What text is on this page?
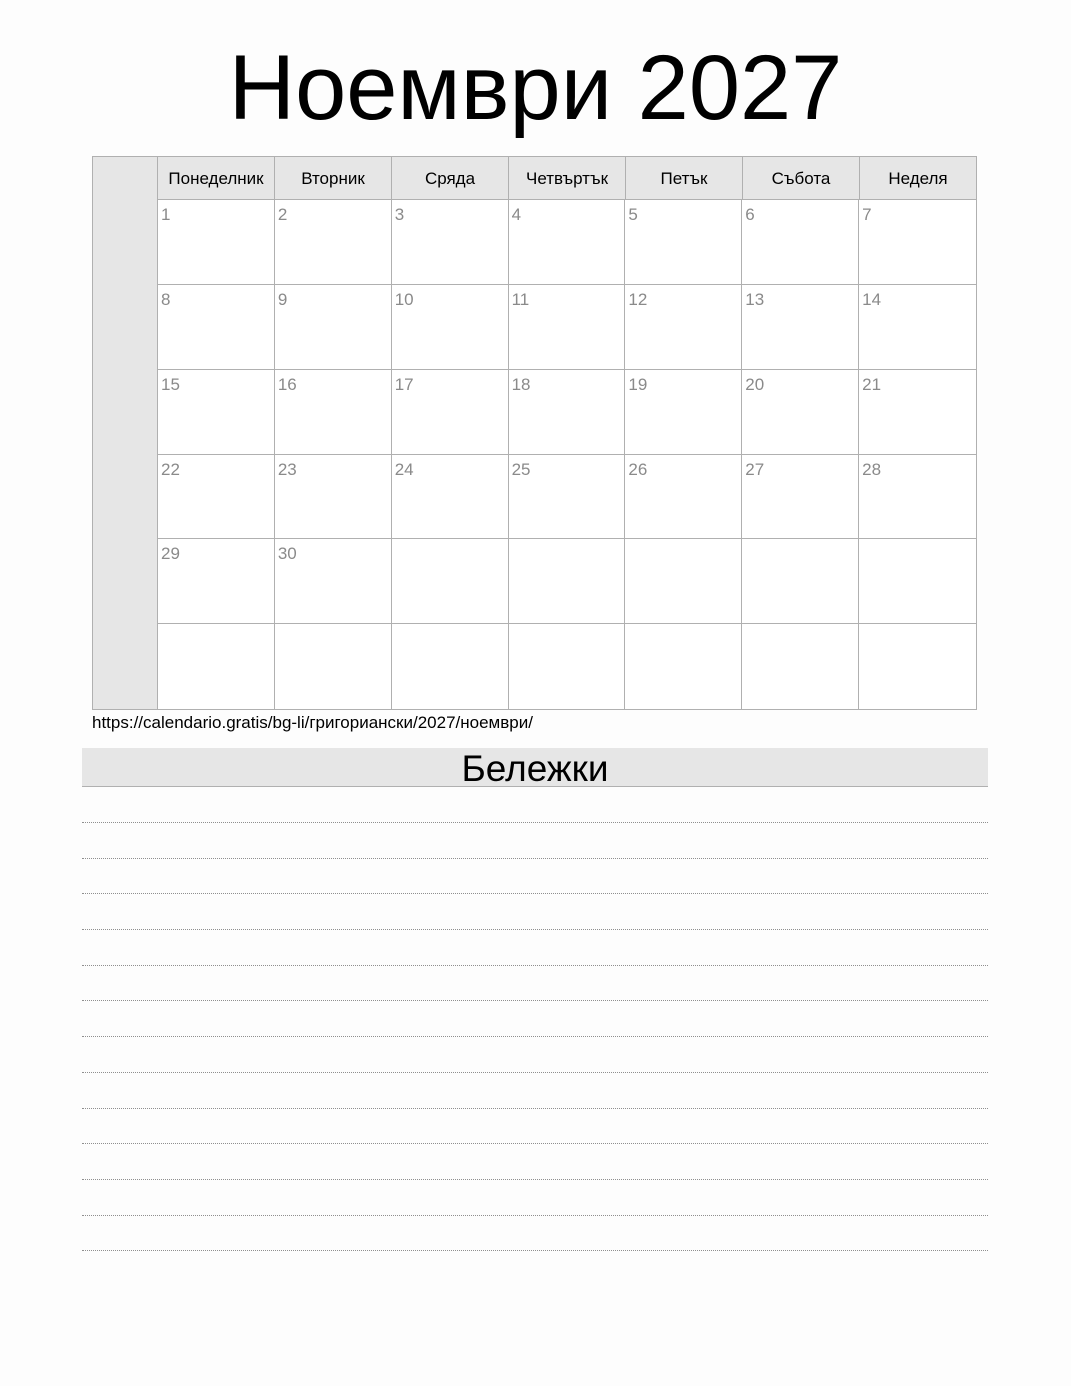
Ноември 2027
Понеделник	Вторник	Сряда	Четвъртък	Петък	Събота	Неделя
1	2	3	4	5	6	7
8	9	10	11	12	13	14
15	16	17	18	19	20	21
22	23	24	25	26	27	28
29	30
https://calendario.gratis/bg-li/григориански/2027/ноември/
Бележки
